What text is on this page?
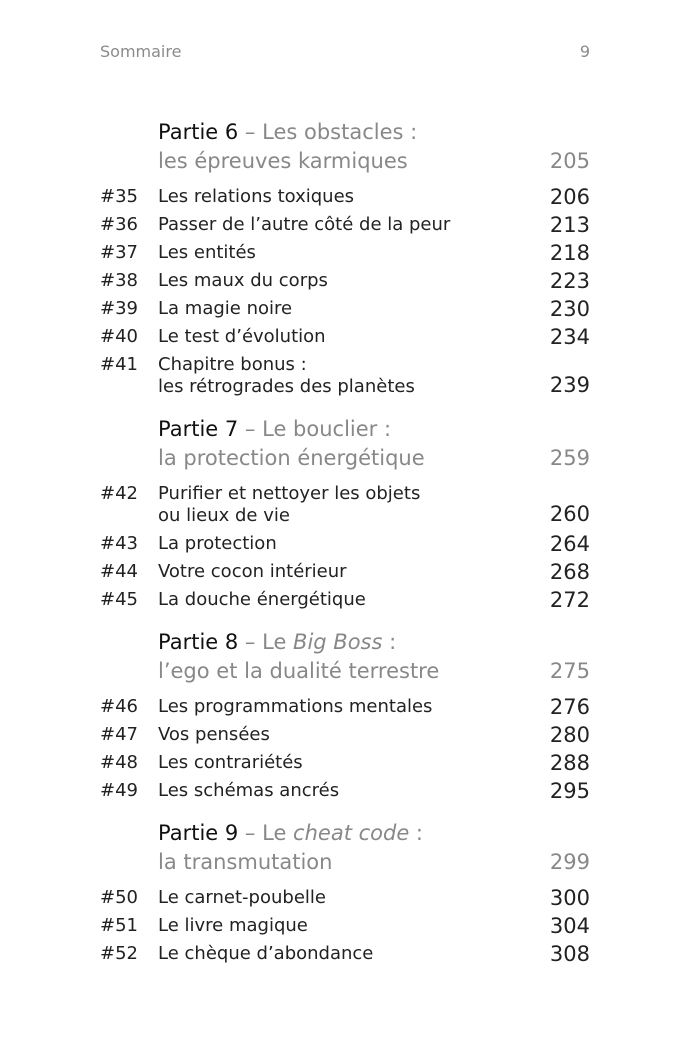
Sommaire	9
Partie 6 – Les obstacles :
les épreuves karmiques	205
#35 Les relations toxiques	206
#36 Passer de l’autre côté de la peur	213
#37 Les entités	218
#38 Les maux du corps	223
#39 La magie noire	230
#40 Le test d’évolution	234
#41 Chapitre bonus :
les rétrogrades des planètes	239
Partie 7 – Le bouclier :
la protection énergétique	259
#42 Purifier et nettoyer les objets
ou lieux de vie	260
#43 La protection	264
#44 Votre cocon intérieur	268
#45 La douche énergétique	272
Partie 8 – Le Big Boss :
l’ego et la dualité terrestre	275
#46 Les programmations mentales	276
#47 Vos pensées	280
#48 Les contrariétés	288
#49 Les schémas ancrés	295
Partie 9 – Le cheat code :
la transmutation	299
#50 Le carnet-poubelle	300
#51 Le livre magique	304
#52 Le chèque d’abondance	308
